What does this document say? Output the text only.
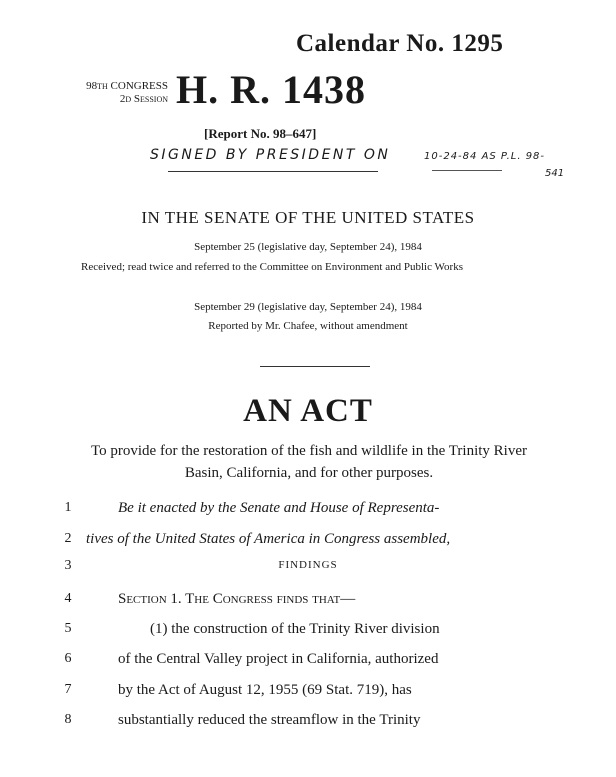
Calendar No. 1295
98th CONGRESS
2d Session H. R. 1438
[Report No. 98–647]
SIGNED BY PRESIDENT ON	10-24-84 AS P.L. 98-
541
IN THE SENATE OF THE UNITED STATES
September 25 (legislative day, September 24), 1984
Received; read twice and referred to the Committee on Environment and Public Works
September 29 (legislative day, September 24), 1984
Reported by Mr. Chafee, without amendment
AN ACT
To provide for the restoration of the fish and wildlife in the Trinity River Basin, California, and for other purposes.
1	Be it enacted by the Senate and House of Representa-
2 tives of the United States of America in Congress assembled,
3	FINDINGS
4	Section 1. The Congress finds that—
5	(1) the construction of the Trinity River division
6	of the Central Valley project in California, authorized
7	by the Act of August 12, 1955 (69 Stat. 719), has
8	substantially reduced the streamflow in the Trinity
